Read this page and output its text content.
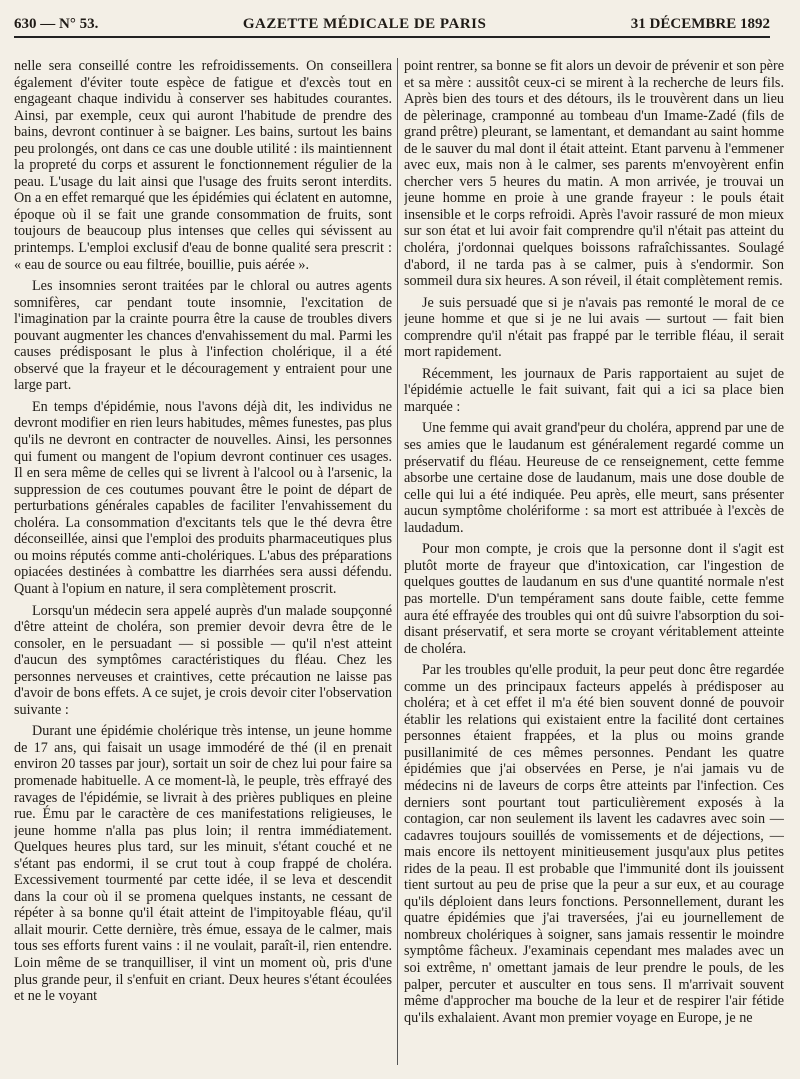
630 — N° 53.	GAZETTE MÉDICALE DE PARIS	31 DÉCEMBRE 1892

nelle sera conseillé contre les refroidissements. On conseillera également d'éviter toute espèce de fatigue et d'excès tout en engageant chaque individu à conserver ses habitudes courantes. Ainsi, par exemple, ceux qui auront l'habitude de prendre des bains, devront continuer à se baigner. Les bains, surtout les bains peu prolongés, ont dans ce cas une double utilité : ils maintiennent la propreté du corps et assurent le fonctionnement régulier de la peau. L'usage du lait ainsi que l'usage des fruits seront interdits. On a en effet remarqué que les épidémies qui éclatent en automne, époque où il se fait une grande consommation de fruits, sont toujours de beaucoup plus intenses que celles qui sévissent au printemps. L'emploi exclusif d'eau de bonne qualité sera prescrit : « eau de source ou eau filtrée, bouillie, puis aérée ».

Les insomnies seront traitées par le chloral ou autres agents somnifères, car pendant toute insomnie, l'excitation de l'imagination par la crainte pourra être la cause de troubles divers pouvant augmenter les chances d'envahissement du mal. Parmi les causes prédisposant le plus à l'infection cholérique, il a été observé que la frayeur et le découragement y entraient pour une large part.

En temps d'épidémie, nous l'avons déjà dit, les individus ne devront modifier en rien leurs habitudes, mêmes funestes, pas plus qu'ils ne devront en contracter de nouvelles. Ainsi, les personnes qui fument ou mangent de l'opium devront continuer ces usages. Il en sera même de celles qui se livrent à l'alcool ou à l'arsenic, la suppression de ces coutumes pouvant être le point de départ de perturbations générales capables de faciliter l'envahissement du choléra. La consommation d'excitants tels que le thé devra être déconseillée, ainsi que l'emploi des produits pharmaceutiques plus ou moins réputés comme anti-cholériques. L'abus des préparations opiacées destinées à combattre les diarrhées sera aussi défendu. Quant à l'opium en nature, il sera complètement proscrit.

Lorsqu'un médecin sera appelé auprès d'un malade soupçonné d'être atteint de choléra, son premier devoir devra être de le consoler, en le persuadant — si possible — qu'il n'est atteint d'aucun des symptômes caractéristiques du fléau. Chez les personnes nerveuses et craintives, cette précaution ne laisse pas d'avoir de bons effets. A ce sujet, je crois devoir citer l'observation suivante :

Durant une épidémie cholérique très intense, un jeune homme de 17 ans, qui faisait un usage immodéré de thé (il en prenait environ 20 tasses par jour), sortait un soir de chez lui pour faire sa promenade habituelle. A ce moment-là, le peuple, très effrayé des ravages de l'épidémie, se livrait à des prières publiques en pleine rue. Ému par le caractère de ces manifestations religieuses, le jeune homme n'alla pas plus loin; il rentra immédiatement. Quelques heures plus tard, sur les minuit, s'étant couché et ne s'étant pas endormi, il se crut tout à coup frappé de choléra. Excessivement tourmenté par cette idée, il se leva et descendit dans la cour où il se promena quelques instants, ne cessant de répéter à sa bonne qu'il était atteint de l'impitoyable fléau, qu'il allait mourir. Cette dernière, très émue, essaya de le calmer, mais tous ses efforts furent vains : il ne voulait, paraît-il, rien entendre. Loin même de se tranquilliser, il vint un moment où, pris d'une plus grande peur, il s'enfuit en criant. Deux heures s'étant écoulées et ne le voyant

point rentrer, sa bonne se fit alors un devoir de prévenir et son père et sa mère : aussitôt ceux-ci se mirent à la recherche de leurs fils. Après bien des tours et des détours, ils le trouvèrent dans un lieu de pèlerinage, cramponné au tombeau d'un Imame-Zadé (fils de grand prêtre) pleurant, se lamentant, et demandant au saint homme de le sauver du mal dont il était atteint. Etant parvenu à l'emmener avec eux, mais non à le calmer, ses parents m'envoyèrent enfin chercher vers 5 heures du matin. A mon arrivée, je trouvai un jeune homme en proie à une grande frayeur : le pouls était insensible et le corps refroidi. Après l'avoir rassuré de mon mieux sur son état et lui avoir fait comprendre qu'il n'était pas atteint du choléra, j'ordonnai quelques boissons rafraîchissantes. Soulagé d'abord, il ne tarda pas à se calmer, puis à s'endormir. Son sommeil dura six heures. A son réveil, il était complètement remis.

Je suis persuadé que si je n'avais pas remonté le moral de ce jeune homme et que si je ne lui avais — surtout — fait bien comprendre qu'il n'était pas frappé par le terrible fléau, il serait mort rapidement.

Récemment, les journaux de Paris rapportaient au sujet de l'épidémie actuelle le fait suivant, fait qui a ici sa place bien marquée :

Une femme qui avait grand'peur du choléra, apprend par une de ses amies que le laudanum est généralement regardé comme un préservatif du fléau. Heureuse de ce renseignement, cette femme absorbe une certaine dose de laudanum, mais une dose double de celle qui lui a été indiquée. Peu après, elle meurt, sans présenter aucun symptôme cholériforme : sa mort est attribuée à l'excès de laudadum.

Pour mon compte, je crois que la personne dont il s'agit est plutôt morte de frayeur que d'intoxication, car l'ingestion de quelques gouttes de laudanum en sus d'une quantité normale n'est pas mortelle. D'un tempérament sans doute faible, cette femme aura été effrayée des troubles qui ont dû suivre l'absorption du soi-disant préservatif, et sera morte se croyant véritablement atteinte de choléra.

Par les troubles qu'elle produit, la peur peut donc être regardée comme un des principaux facteurs appelés à prédisposer au choléra; et à cet effet il m'a été bien souvent donné de pouvoir établir les relations qui existaient entre la facilité dont certaines personnes étaient frappées, et la plus ou moins grande pusillanimité de ces mêmes personnes. Pendant les quatre épidémies que j'ai observées en Perse, je n'ai jamais vu de médecins ni de laveurs de corps être atteints par l'infection. Ces derniers sont pourtant tout particulièrement exposés à la contagion, car non seulement ils lavent les cadavres avec soin — cadavres toujours souillés de vomissements et de déjections, — mais encore ils nettoyent minitieusement jusqu'aux plus petites rides de la peau. Il est probable que l'immunité dont ils jouissent tient surtout au peu de prise que la peur a sur eux, et au courage qu'ils déploient dans leurs fonctions. Personnellement, durant les quatre épidémies que j'ai traversées, j'ai eu journellement de nombreux cholériques à soigner, sans jamais ressentir le moindre symptôme fâcheux. J'examinais cependant mes malades avec un soi extrême, n' omettant jamais de leur prendre le pouls, de les palper, percuter et ausculter en tous sens. Il m'arrivait souvent même d'approcher ma bouche de la leur et de respirer l'air fétide qu'ils exhalaient. Avant mon premier voyage en Europe, je ne
